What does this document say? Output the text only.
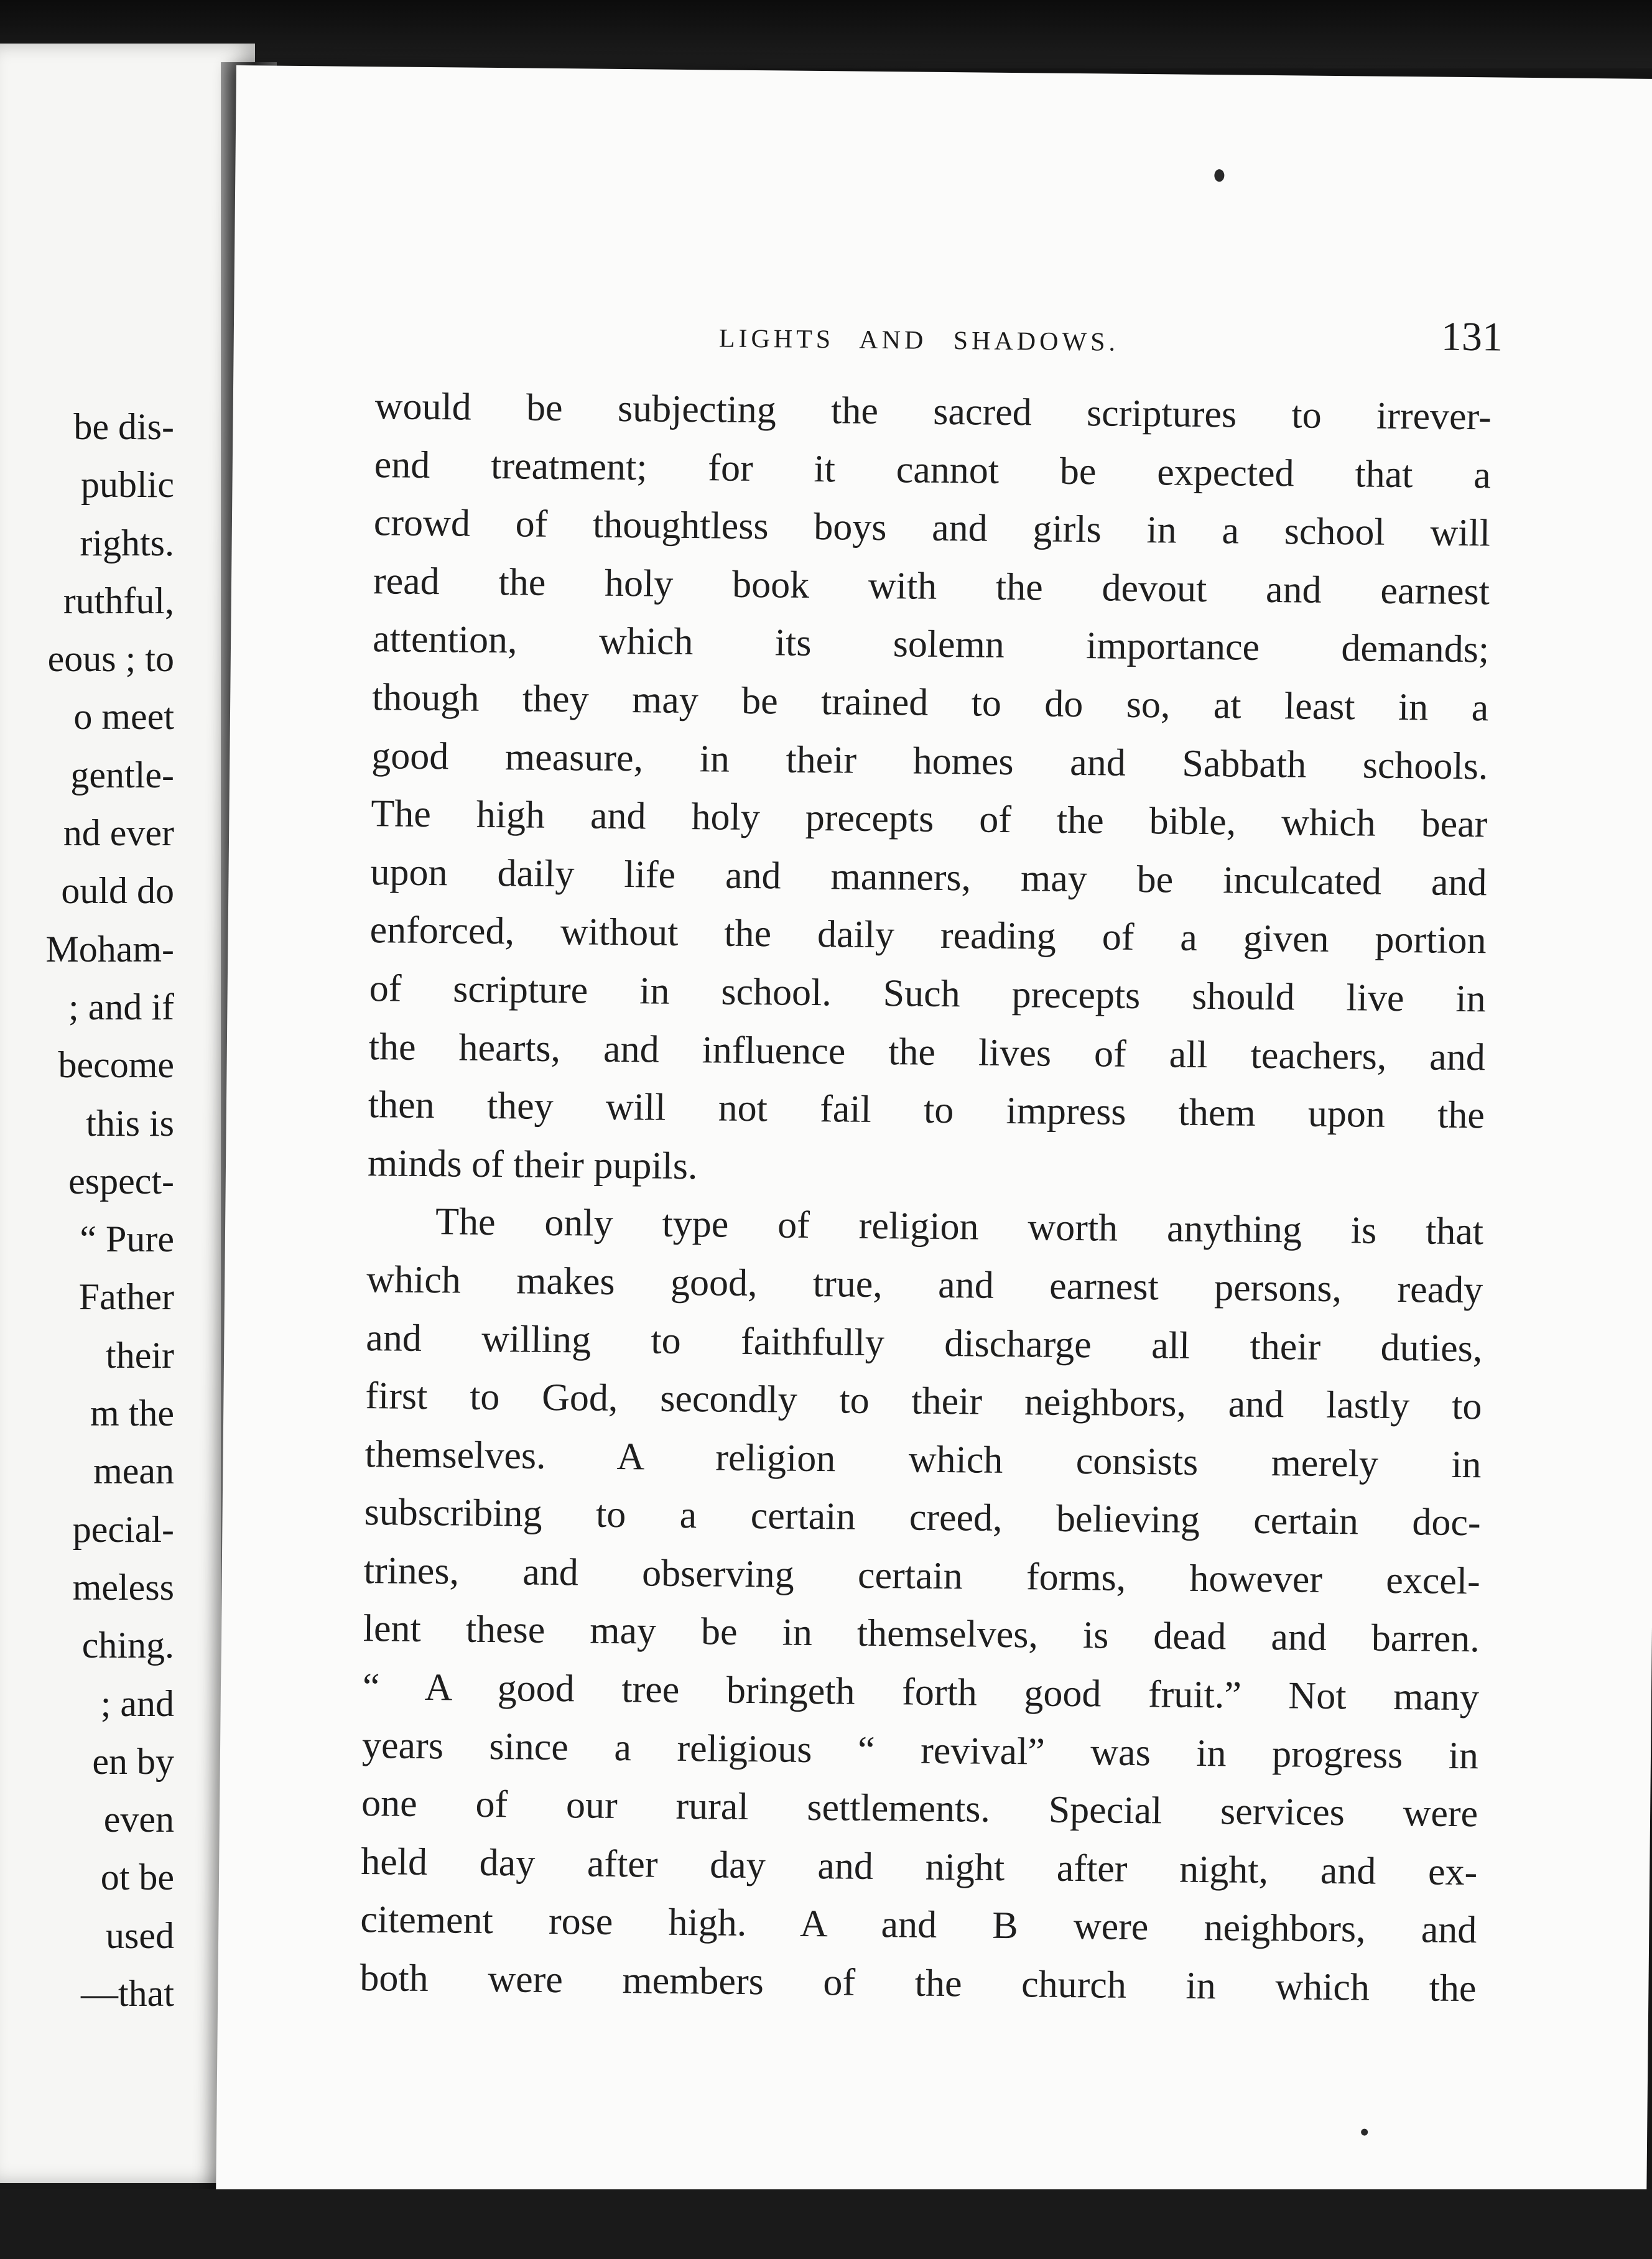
be dis-
public
rights.
ruthful,
eous ; to
o meet
gentle-
nd ever
ould do
Moham-
; and if
become
this is
espect-
“ Pure
Father
their
m the
mean
pecial-
meless
ching.
; and
en by
even
ot be
used
—that
LIGHTS AND SHADOWS.	131
would be subjecting the sacred scriptures to irrever-
end treatment; for it cannot be expected that a
crowd of thoughtless boys and girls in a school will
read the holy book with the devout and earnest
attention, which its solemn importance demands;
though they may be trained to do so, at least in a
good measure, in their homes and Sabbath schools.
The high and holy precepts of the bible, which bear
upon daily life and manners, may be inculcated and
enforced, without the daily reading of a given portion
of scripture in school. Such precepts should live in
the hearts, and influence the lives of all teachers, and
then they will not fail to impress them upon the
minds of their pupils.
The only type of religion worth anything is that
which makes good, true, and earnest persons, ready
and willing to faithfully discharge all their duties,
first to God, secondly to their neighbors, and lastly to
themselves. A religion which consists merely in
subscribing to a certain creed, believing certain doc-
trines, and observing certain forms, however excel-
lent these may be in themselves, is dead and barren.
“ A good tree bringeth forth good fruit.” Not many
years since a religious “ revival” was in progress in
one of our rural settlements. Special services were
held day after day and night after night, and ex-
citement rose high. A and B were neighbors, and
both were members of the church in which the
